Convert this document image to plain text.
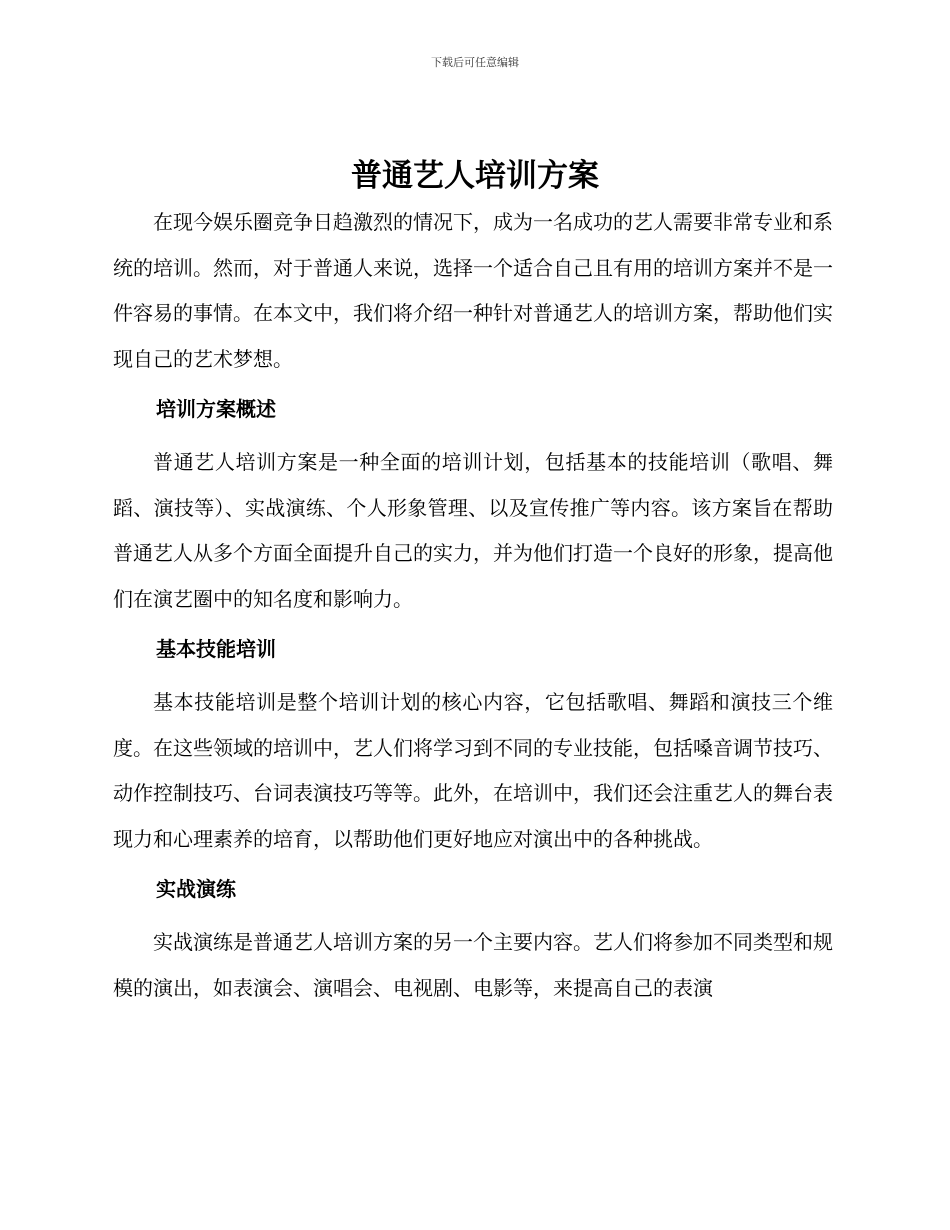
下载后可任意编辑
普通艺人培训方案

在现今娱乐圈竞争日趋激烈的情况下，成为一名成功的艺人需要非常专业和系统的培训。然而，对于普通人来说，选择一个适合自己且有用的培训方案并不是一件容易的事情。在本文中，我们将介绍一种针对普通艺人的培训方案，帮助他们实现自己的艺术梦想。

培训方案概述

普通艺人培训方案是一种全面的培训计划，包括基本的技能培训（歌唱、舞蹈、演技等）、实战演练、个人形象管理、以及宣传推广等内容。该方案旨在帮助普通艺人从多个方面全面提升自己的实力，并为他们打造一个良好的形象，提高他们在演艺圈中的知名度和影响力。

基本技能培训

基本技能培训是整个培训计划的核心内容，它包括歌唱、舞蹈和演技三个维度。在这些领域的培训中，艺人们将学习到不同的专业技能，包括嗓音调节技巧、动作控制技巧、台词表演技巧等等。此外，在培训中，我们还会注重艺人的舞台表现力和心理素养的培育，以帮助他们更好地应对演出中的各种挑战。

实战演练

实战演练是普通艺人培训方案的另一个主要内容。艺人们将参加不同类型和规模的演出，如表演会、演唱会、电视剧、电影等，来提高自己的表演
